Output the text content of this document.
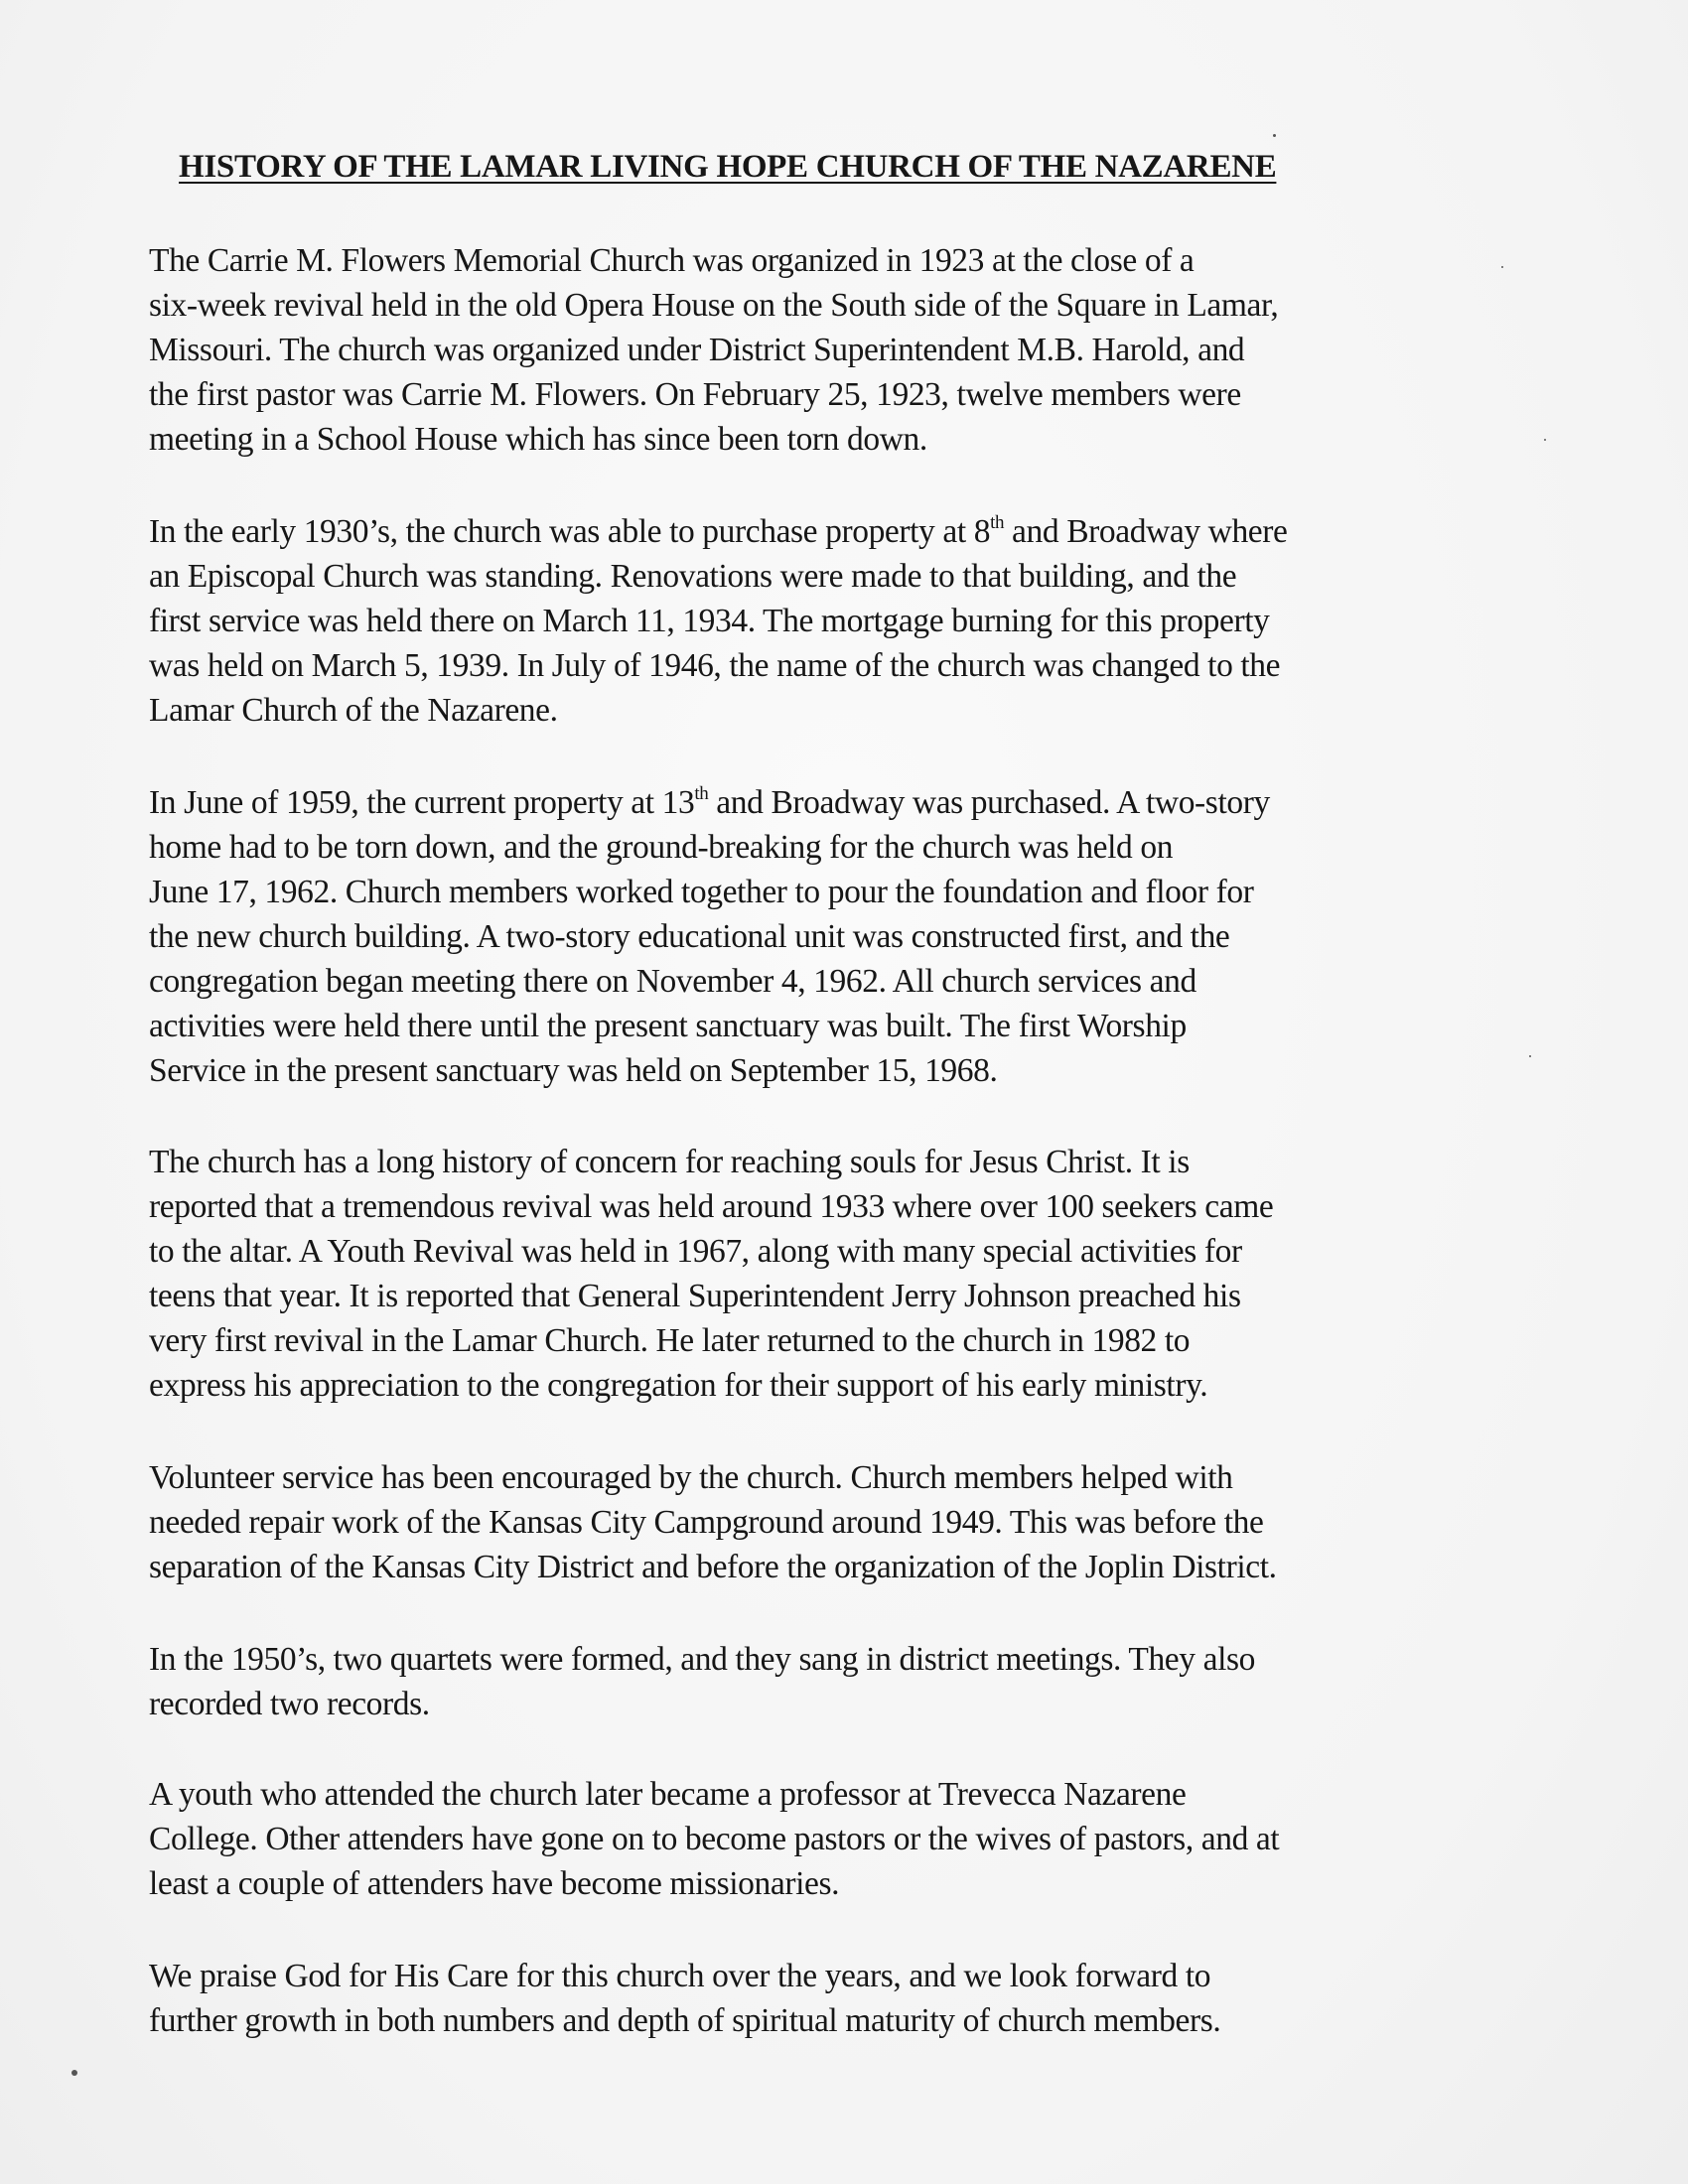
HISTORY OF THE LAMAR LIVING HOPE CHURCH OF THE NAZARENE
The Carrie M. Flowers Memorial Church was organized in 1923 at the close of a
six-week revival held in the old Opera House on the South side of the Square in Lamar,
Missouri. The church was organized under District Superintendent M.B. Harold, and
the first pastor was Carrie M. Flowers. On February 25, 1923, twelve members were
meeting in a School House which has since been torn down.
In the early 1930’s, the church was able to purchase property at 8th and Broadway where
an Episcopal Church was standing. Renovations were made to that building, and the
first service was held there on March 11, 1934. The mortgage burning for this property
was held on March 5, 1939. In July of 1946, the name of the church was changed to the
Lamar Church of the Nazarene.
In June of 1959, the current property at 13th and Broadway was purchased. A two-story
home had to be torn down, and the ground-breaking for the church was held on
June 17, 1962. Church members worked together to pour the foundation and floor for
the new church building. A two-story educational unit was constructed first, and the
congregation began meeting there on November 4, 1962. All church services and
activities were held there until the present sanctuary was built. The first Worship
Service in the present sanctuary was held on September 15, 1968.
The church has a long history of concern for reaching souls for Jesus Christ. It is
reported that a tremendous revival was held around 1933 where over 100 seekers came
to the altar. A Youth Revival was held in 1967, along with many special activities for
teens that year. It is reported that General Superintendent Jerry Johnson preached his
very first revival in the Lamar Church. He later returned to the church in 1982 to
express his appreciation to the congregation for their support of his early ministry.
Volunteer service has been encouraged by the church. Church members helped with
needed repair work of the Kansas City Campground around 1949. This was before the
separation of the Kansas City District and before the organization of the Joplin District.
In the 1950’s, two quartets were formed, and they sang in district meetings. They also
recorded two records.
A youth who attended the church later became a professor at Trevecca Nazarene
College. Other attenders have gone on to become pastors or the wives of pastors, and at
least a couple of attenders have become missionaries.
We praise God for His Care for this church over the years, and we look forward to
further growth in both numbers and depth of spiritual maturity of church members.
